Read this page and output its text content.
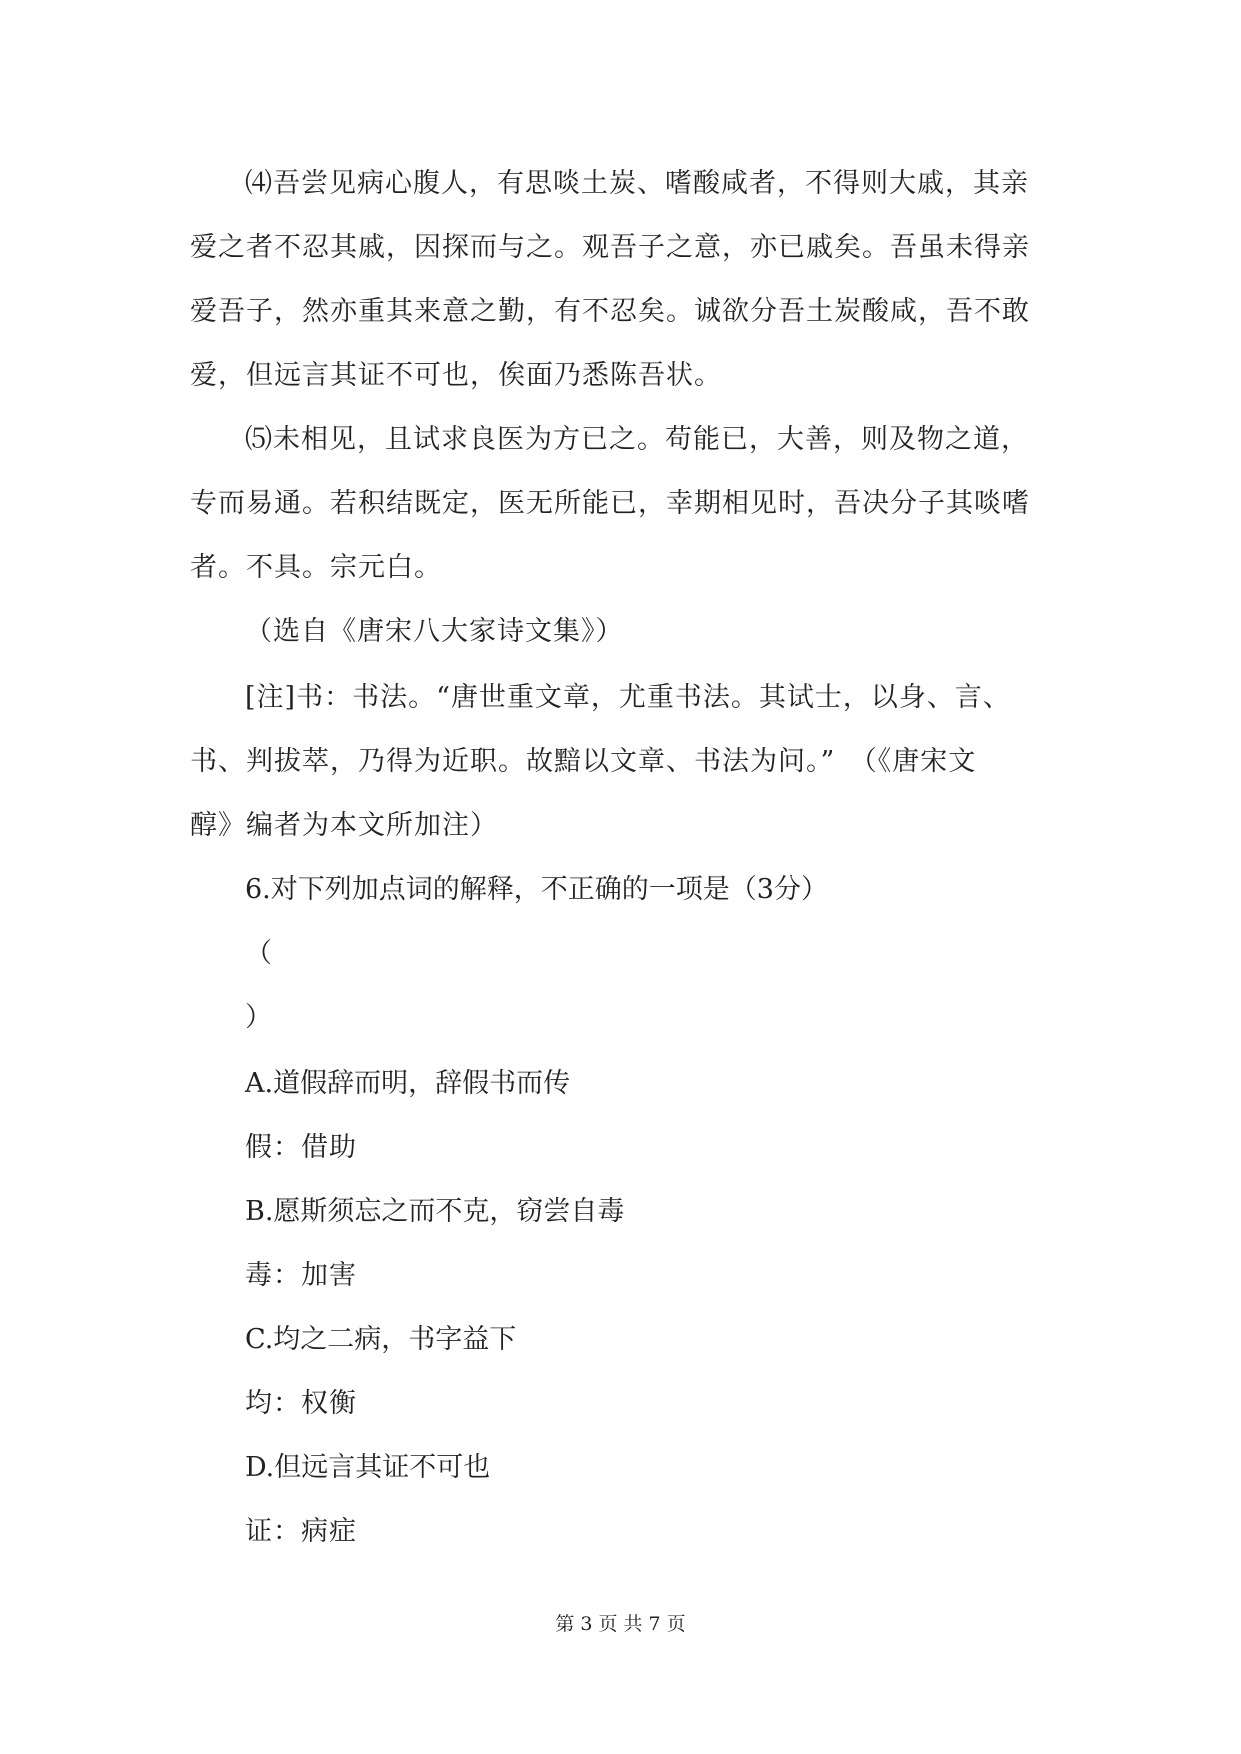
⑷吾尝见病心腹人，有思啖土炭、嗜酸咸者，不得则大戚，其亲
爱之者不忍其戚，因探而与之。观吾子之意，亦已戚矣。吾虽未得亲
爱吾子，然亦重其来意之勤，有不忍矣。诚欲分吾土炭酸咸，吾不敢
爱，但远言其证不可也，俟面乃悉陈吾状。
⑸未相见，且试求良医为方已之。苟能已，大善，则及物之道，
专而易通。若积结既定，医无所能已，幸期相见时，吾决分子其啖嗜
者。不具。宗元白。
（选自《唐宋八大家诗文集》）
[注]书：书法。“唐世重文章，尤重书法。其试士，以身、言、
书、判拔萃，乃得为近职。故黯以文章、书法为问。”　（《唐宋文
醇》编者为本文所加注）
6.对下列加点词的解释，不正确的一项是（3分）
（
）
A.道假辞而明，辞假书而传
假：借助
B.愿斯须忘之而不克，窃尝自毒
毒：加害
C.均之二病，书字益下
均：权衡
D.但远言其证不可也
证：病症
第 3 页 共 7 页
